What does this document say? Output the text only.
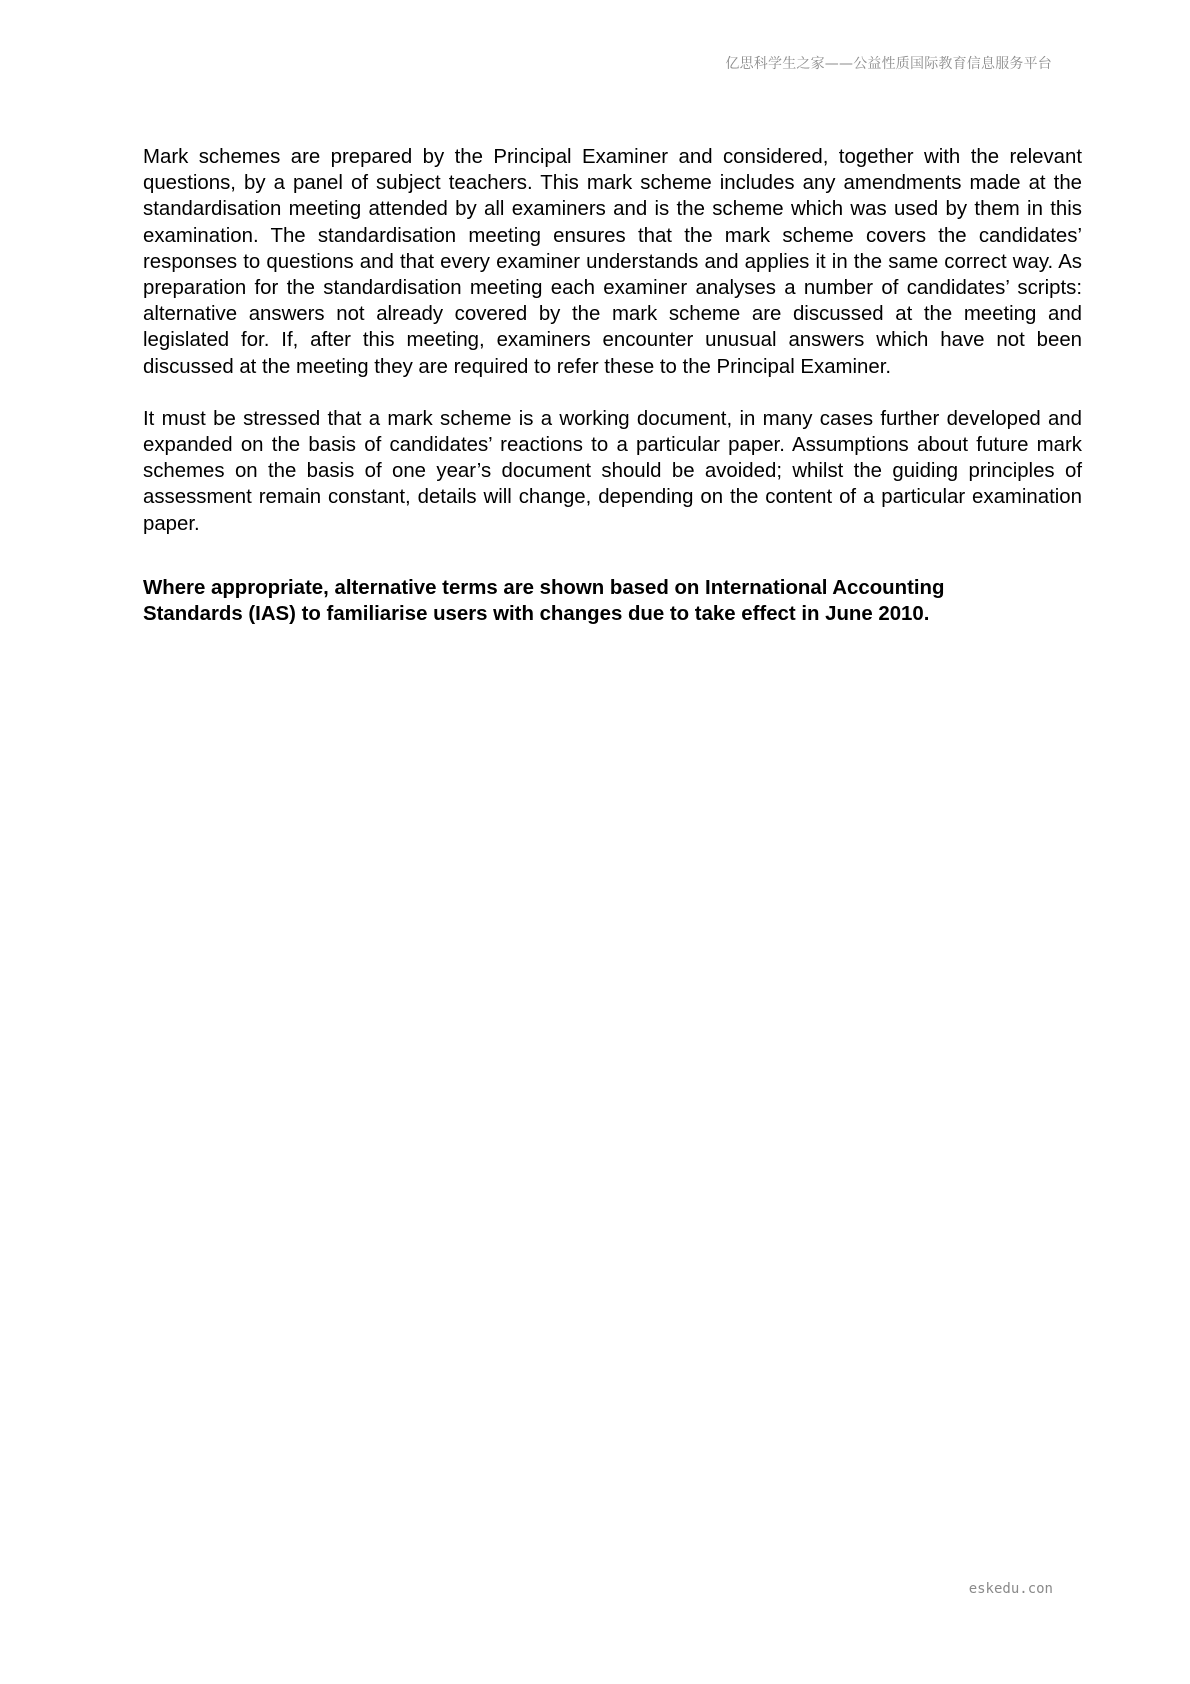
亿思科学生之家——公益性质国际教育信息服务平台

Mark schemes are prepared by the Principal Examiner and considered, together with the relevant questions, by a panel of subject teachers. This mark scheme includes any amendments made at the standardisation meeting attended by all examiners and is the scheme which was used by them in this examination. The standardisation meeting ensures that the mark scheme covers the candidates’ responses to questions and that every examiner understands and applies it in the same correct way. As preparation for the standardisation meeting each examiner analyses a number of candidates’ scripts: alternative answers not already covered by the mark scheme are discussed at the meeting and legislated for. If, after this meeting, examiners encounter unusual answers which have not been discussed at the meeting they are required to refer these to the Principal Examiner.

It must be stressed that a mark scheme is a working document, in many cases further developed and expanded on the basis of candidates’ reactions to a particular paper. Assumptions about future mark schemes on the basis of one year’s document should be avoided; whilst the guiding principles of assessment remain constant, details will change, depending on the content of a particular examination paper.

Where appropriate, alternative terms are shown based on International Accounting
Standards (IAS) to familiarise users with changes due to take effect in June 2010.

eskedu.con
